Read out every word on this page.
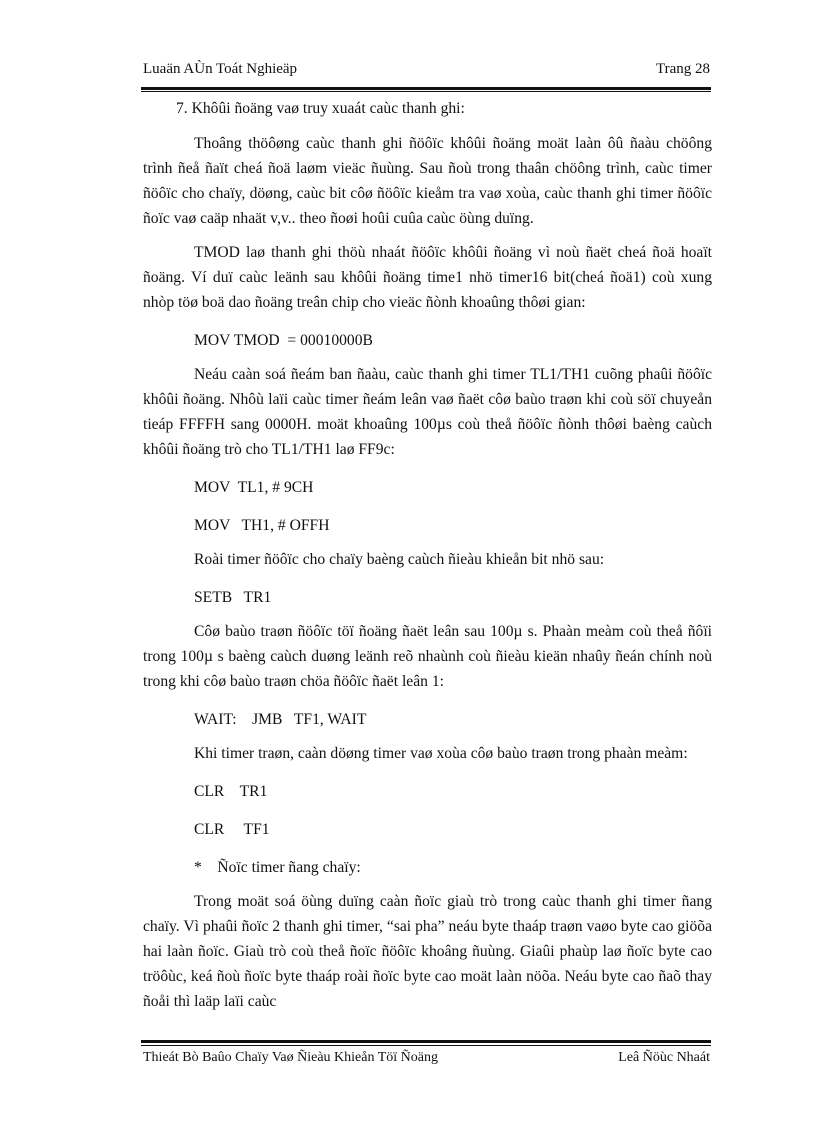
Luaän AÙn Toát Nghieäp	Trang 28

7. Khôûi ñoäng vaø truy xuaát caùc thanh ghi:

Thoâng thöôøng caùc thanh ghi ñöôïc khôûi ñoäng moät laàn ôû ñaàu chöông trình ñeå ñaït cheá ñoä laøm vieäc ñuùng. Sau ñoù trong thaân chöông trình, caùc timer ñöôïc cho chaïy, döøng, caùc bit côø ñöôïc kieåm tra vaø xoùa, caùc thanh ghi timer ñöôïc ñoïc vaø caäp nhaät v,v.. theo ñoøi hoûi cuûa caùc öùng duïng.

TMOD laø thanh ghi thöù nhaát ñöôïc khôûi ñoäng vì noù ñaët cheá ñoä hoaït ñoäng. Ví duï caùc leänh sau khôûi ñoäng time1 nhö timer16 bit(cheá ñoä1) coù xung nhòp töø boä dao ñoäng treân chip cho vieäc ñònh khoaûng thôøi gian:

MOV TMOD  = 00010000B

Neáu caàn soá ñeám ban ñaàu, caùc thanh ghi timer TL1/TH1 cuõng phaûi ñöôïc khôûi ñoäng. Nhôù laïi caùc timer ñeám leân vaø ñaët côø baùo traøn khi coù söï chuyeån tieáp FFFFH sang 0000H. moät khoaûng 100µs coù theå ñöôïc ñònh thôøi baèng caùch khôûi ñoäng trò cho TL1/TH1 laø FF9c:

MOV  TL1, # 9CH

MOV   TH1, # OFFH

Roài timer ñöôïc cho chaïy baèng caùch ñieàu khieån bit nhö sau:

SETB   TR1

Côø baùo traøn ñöôïc töï ñoäng ñaët leân sau 100µ s. Phaàn meàm coù theå ñôïi trong 100µ s baèng caùch duøng leänh reõ nhaùnh coù ñieàu kieän nhaûy ñeán chính noù trong khi côø baùo traøn chöa ñöôïc ñaët leân 1:

WAIT:    JMB   TF1, WAIT

Khi timer traøn, caàn döøng timer vaø xoùa côø baùo traøn trong phaàn meàm:

CLR    TR1

CLR     TF1

* Ñoïc timer ñang chaïy:

Trong moät soá öùng duïng caàn ñoïc giaù trò trong caùc thanh ghi timer ñang chaïy. Vì phaûi ñoïc 2 thanh ghi timer, “sai pha” neáu byte thaáp traøn vaøo byte cao giöõa hai laàn ñoïc. Giaù trò coù theå ñoïc ñöôïc khoâng ñuùng. Giaûi phaùp laø ñoïc byte cao tröôùc, keá ñoù ñoïc byte thaáp roài ñoïc byte cao moät laàn nöõa. Neáu byte cao ñaõ thay ñoåi thì laäp laïi caùc

Thieát Bò Baûo Chaïy Vaø Ñieàu Khieån Töï Ñoäng	Leâ Ñöùc Nhaát
